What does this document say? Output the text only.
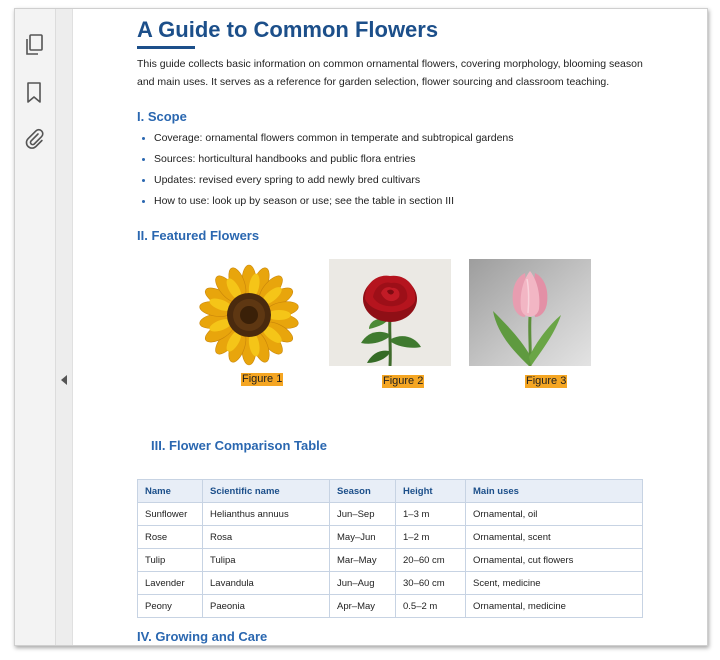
A Guide to Common Flowers

This guide collects basic information on common ornamental flowers, covering morphology, blooming season and main uses. It serves as a reference for garden selection, flower sourcing and classroom teaching.

I. Scope
Coverage: ornamental flowers common in temperate and subtropical gardens
Sources: horticultural handbooks and public flora entries
Updates: revised every spring to add newly bred cultivars
How to use: look up by season or use; see the table in section III
II. Featured Flowers
Figure 1	Figure 2	Figure 3
III. Flower Comparison Table
Name	Scientific name	Season	Height	Main uses
Sunflower	Helianthus annuus	Jun–Sep	1–3 m	Ornamental, oil
Rose	Rosa	May–Jun	1–2 m	Ornamental, scent
Tulip	Tulipa	Mar–May	20–60 cm	Ornamental, cut flowers
Lavender	Lavandula	Jun–Aug	30–60 cm	Scent, medicine
Peony	Paeonia	Apr–May	0.5–2 m	Ornamental, medicine
IV. Growing and Care
